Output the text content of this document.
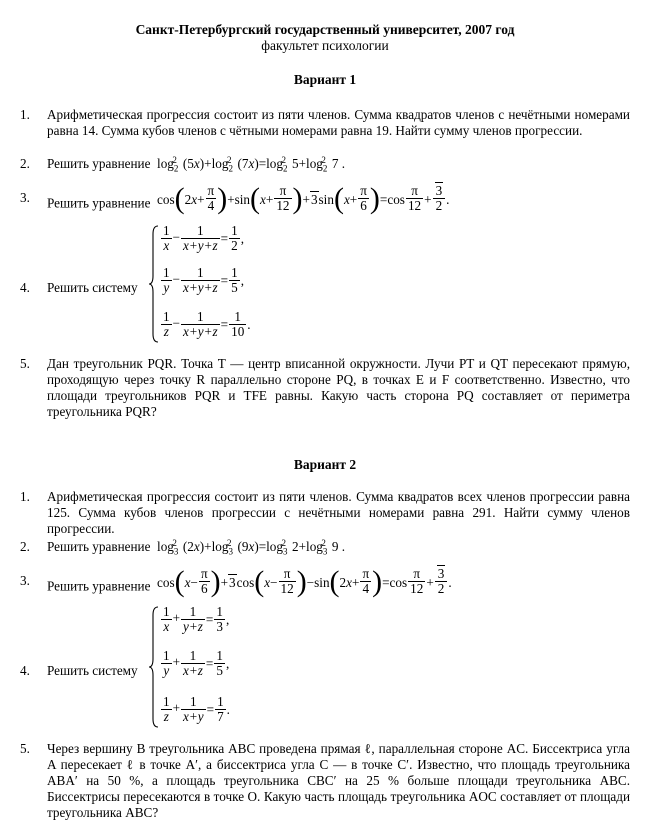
Санкт-Петербургский государственный университет, 2007 год
факультет психологии
Вариант 1
1. Арифметическая прогрессия состоит из пяти членов. Сумма квадратов членов с нечётными номерами равна 14. Сумма кубов членов с чётными номерами равна 19. Найти сумму членов прогрессии.
2. Решить уравнение  $\log_2^2 (5x)+\log_2^2$ $(7x)=\log_2^2$ $5+\log_2^2$ 7 .
3. Решить уравнение  $\cos(2x+ \frac{\pi}{4} )+\sin(x+ \frac{\pi}{12} )+3\sin(x+ \frac{\pi}{6} )=\cos \frac{\pi}{12} + \frac{3}{2}$ .
4. Решить систему
$\frac{1}{x} - \frac{1}{x+y+z} = \frac{1}{2}$ ,
$\frac{1}{y} - \frac{1}{x+y+z} = \frac{1}{5}$ ,
$\frac{1}{z} - \frac{1}{x+y+z} = \frac{1}{10}$ .
5. Дан треугольник PQR. Точка T — центр вписанной окружности. Лучи PT и QT пересекают прямую, проходящую через точку R параллельно стороне PQ, в точках E и F соответственно. Известно, что площади треугольников PQR и TFE равны. Какую часть сторона PQ составляет от периметра треугольника PQR?
Вариант 2
1. Арифметическая прогрессия состоит из пяти членов. Сумма квадратов всех членов прогрессии равна 125. Сумма кубов членов прогрессии с нечётными номерами равна 291. Найти сумму членов прогрессии.
2. Решить уравнение  $\log_3^2 (2x)+\log_3^2$ $(9x)=\log_3^2$ $2+\log_3^2$ 9 .
3. Решить уравнение  $\cos(x- \frac{\pi}{6} )+3\cos(x- \frac{\pi}{12} )-\sin(2x+ \frac{\pi}{4} )=\cos \frac{\pi}{12} + \frac{3}{2}$ .
4. Решить систему
$\frac{1}{x} + \frac{1}{y+z} = \frac{1}{3}$ ,
$\frac{1}{y} + \frac{1}{x+z} = \frac{1}{5}$ ,
$\frac{1}{z} + \frac{1}{x+y} = \frac{1}{7}$ .
5. Через вершину B треугольника ABC проведена прямая ℓ, параллельная стороне AC. Биссектриса угла A пересекает ℓ в точке A′, а биссектриса угла C — в точке C′. Известно, что площадь треугольника ABA′ на 50 %, а площадь треугольника CBC′ на 25 % больше площади треугольника ABC. Биссектрисы пересекаются в точке O. Какую часть площадь треугольника AOC составляет от площади треугольника ABC?
